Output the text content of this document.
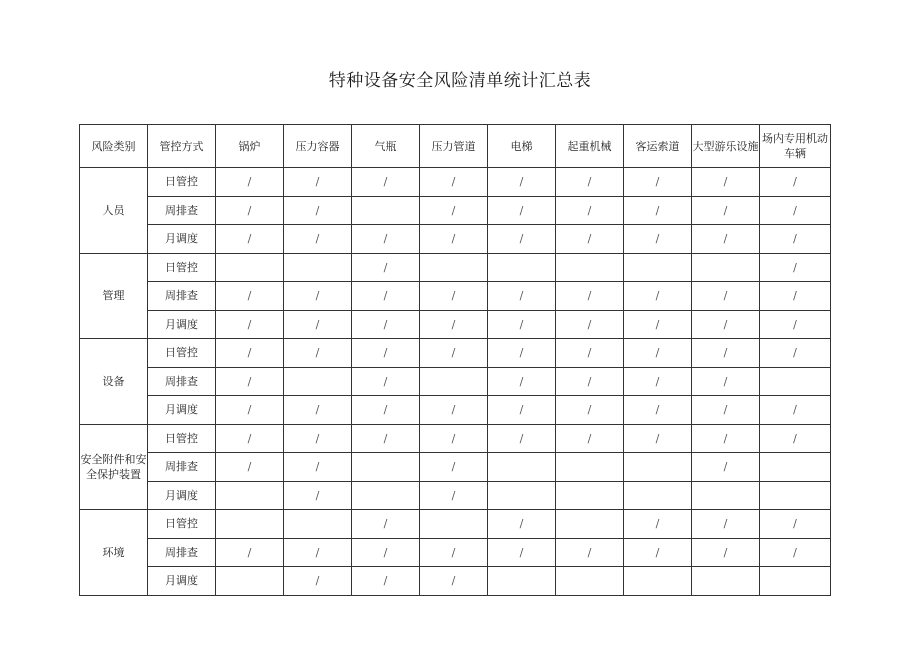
特种设备安全风险清单统计汇总表
风险类别	管控方式	锅炉	压力容器	气瓶	压力管道	电梯	起重机械	客运索道	大型游乐设施	场内专用机动车辆
人员	日管控	/	/	/	/	/	/	/	/	/
	周排查	/	/		/	/	/	/	/	/
	月调度	/	/	/	/	/	/	/	/	/
管理	日管控			/						/
	周排查	/	/	/	/	/	/	/	/	/
	月调度	/	/	/	/	/	/	/	/	/
设备	日管控	/	/	/	/	/	/	/	/	/
	周排查	/		/		/	/	/	/	
	月调度	/	/	/	/	/	/	/	/	/
安全附件和安全保护装置	日管控	/	/	/	/	/	/	/	/	/
	周排查	/	/		/				/	
	月调度		/		/					
环境	日管控			/		/		/	/	/
	周排查	/	/	/	/	/	/	/	/	/
	月调度		/	/	/					
